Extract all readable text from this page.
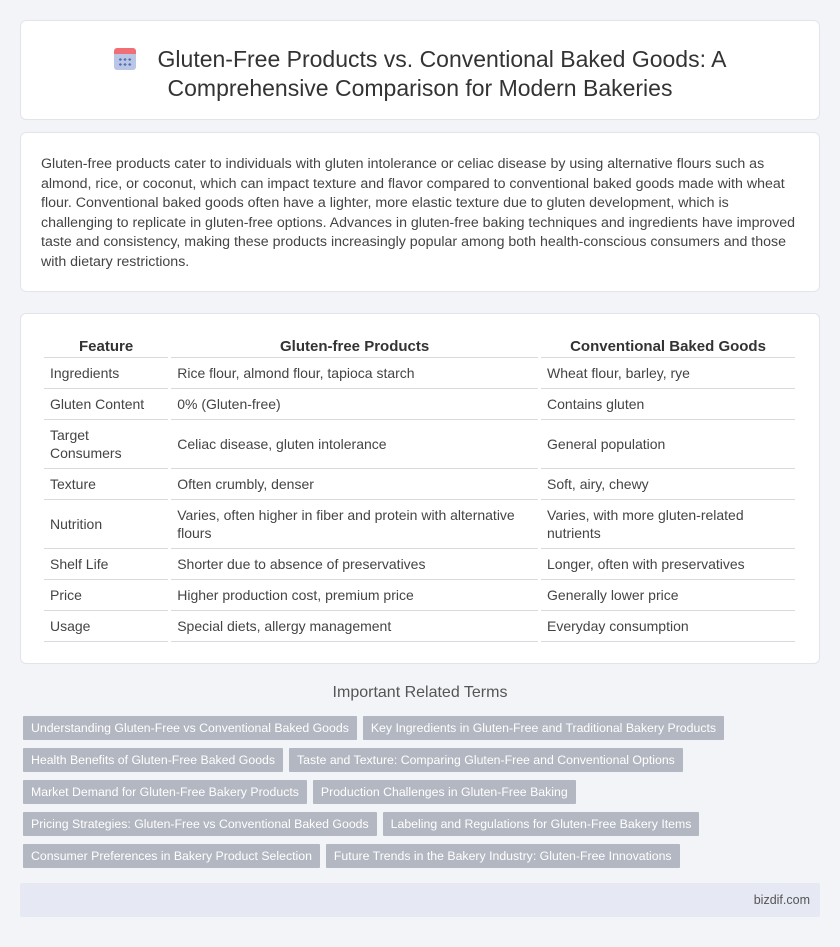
Gluten-Free Products vs. Conventional Baked Goods: A
Comprehensive Comparison for Modern Bakeries

Gluten-free products cater to individuals with gluten intolerance or celiac disease by using alternative flours such as almond, rice, or coconut, which can impact texture and flavor compared to conventional baked goods made with wheat flour. Conventional baked goods often have a lighter, more elastic texture due to gluten development, which is challenging to replicate in gluten-free options. Advances in gluten-free baking techniques and ingredients have improved taste and consistency, making these products increasingly popular among both health-conscious consumers and those with dietary restrictions.

Feature	Gluten-free Products	Conventional Baked Goods
Ingredients	Rice flour, almond flour, tapioca starch	Wheat flour, barley, rye
Gluten Content	0% (Gluten-free)	Contains gluten
Target Consumers	Celiac disease, gluten intolerance	General population
Texture	Often crumbly, denser	Soft, airy, chewy
Nutrition	Varies, often higher in fiber and protein with alternative flours	Varies, with more gluten-related nutrients
Shelf Life	Shorter due to absence of preservatives	Longer, often with preservatives
Price	Higher production cost, premium price	Generally lower price
Usage	Special diets, allergy management	Everyday consumption
Important Related Terms
Understanding Gluten-Free vs Conventional Baked Goods Key Ingredients in Gluten-Free and Traditional Bakery Products
Health Benefits of Gluten-Free Baked Goods Taste and Texture: Comparing Gluten-Free and Conventional Options
Market Demand for Gluten-Free Bakery Products Production Challenges in Gluten-Free Baking
Pricing Strategies: Gluten-Free vs Conventional Baked Goods Labeling and Regulations for Gluten-Free Bakery Items
Consumer Preferences in Bakery Product Selection Future Trends in the Bakery Industry: Gluten-Free Innovations
bizdif.com
